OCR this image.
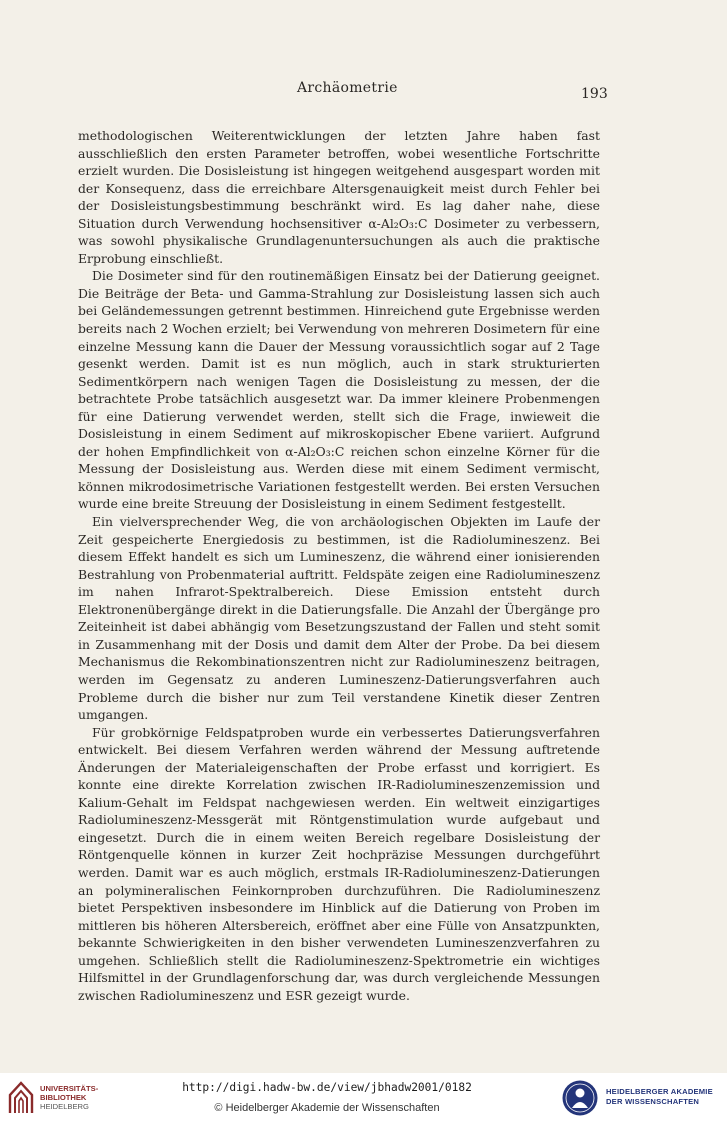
Archäometrie	193

methodologischen Weiterentwicklungen der letzten Jahre haben fast ausschließlich den ersten Parameter betroffen, wobei wesentliche Fortschritte erzielt wurden. Die Dosisleistung ist hingegen weitgehend ausgespart worden mit der Konsequenz, dass die erreichbare Altersgenauigkeit meist durch Fehler bei der Dosisleistungsbestimmung beschränkt wird. Es lag daher nahe, diese Situation durch Verwendung hochsensitiver α-Al₂O₃:C Dosimeter zu verbessern, was sowohl physikalische Grundlagenuntersuchungen als auch die praktische Erprobung einschließt.

Die Dosimeter sind für den routinemäßigen Einsatz bei der Datierung geeignet. Die Beiträge der Beta- und Gamma-Strahlung zur Dosisleistung lassen sich auch bei Geländemessungen getrennt bestimmen. Hinreichend gute Ergebnisse werden bereits nach 2 Wochen erzielt; bei Verwendung von mehreren Dosimetern für eine einzelne Messung kann die Dauer der Messung voraussichtlich sogar auf 2 Tage gesenkt werden. Damit ist es nun möglich, auch in stark strukturierten Sedimentkörpern nach wenigen Tagen die Dosisleistung zu messen, der die betrachtete Probe tatsächlich ausgesetzt war. Da immer kleinere Probenmengen für eine Datierung verwendet werden, stellt sich die Frage, inwieweit die Dosisleistung in einem Sediment auf mikroskopischer Ebene variiert. Aufgrund der hohen Empfindlichkeit von α-Al₂O₃:C reichen schon einzelne Körner für die Messung der Dosisleistung aus. Werden diese mit einem Sediment vermischt, können mikrodosimetrische Variationen festgestellt werden. Bei ersten Versuchen wurde eine breite Streuung der Dosisleistung in einem Sediment festgestellt.

Ein vielversprechender Weg, die von archäologischen Objekten im Laufe der Zeit gespeicherte Energiedosis zu bestimmen, ist die Radiolumineszenz. Bei diesem Effekt handelt es sich um Lumineszenz, die während einer ionisierenden Bestrahlung von Probenmaterial auftritt. Feldspäte zeigen eine Radiolumineszenz im nahen Infrarot-Spektralbereich. Diese Emission entsteht durch Elektronenübergänge direkt in die Datierungsfalle. Die Anzahl der Übergänge pro Zeiteinheit ist dabei abhängig vom Besetzungszustand der Fallen und steht somit in Zusammenhang mit der Dosis und damit dem Alter der Probe. Da bei diesem Mechanismus die Rekombinationszentren nicht zur Radiolumineszenz beitragen, werden im Gegensatz zu anderen Lumineszenz-Datierungsverfahren auch Probleme durch die bisher nur zum Teil verstandene Kinetik dieser Zentren umgangen.

Für grobkörnige Feldspatproben wurde ein verbessertes Datierungsverfahren entwickelt. Bei diesem Verfahren werden während der Messung auftretende Änderungen der Materialeigenschaften der Probe erfasst und korrigiert. Es konnte eine direkte Korrelation zwischen IR-Radiolumineszenzemission und Kalium-Gehalt im Feldspat nachgewiesen werden. Ein weltweit einzigartiges Radiolumineszenz-Messgerät mit Röntgenstimulation wurde aufgebaut und eingesetzt. Durch die in einem weiten Bereich regelbare Dosisleistung der Röntgenquelle können in kurzer Zeit hochpräzise Messungen durchgeführt werden. Damit war es auch möglich, erstmals IR-Radiolumineszenz-Datierungen an polymineralischen Feinkornproben durchzuführen. Die Radiolumineszenz bietet Perspektiven insbesondere im Hinblick auf die Datierung von Proben im mittleren bis höheren Altersbereich, eröffnet aber eine Fülle von Ansatzpunkten, bekannte Schwierigkeiten in den bisher verwendeten Lumineszenzverfahren zu umgehen. Schließlich stellt die Radiolumineszenz-Spektrometrie ein wichtiges Hilfsmittel in der Grundlagenforschung dar, was durch vergleichende Messungen zwischen Radiolumineszenz und ESR gezeigt wurde.

UNIVERSITÄTS-
BIBLIOTHEK
HEIDELBERG
http://digi.hadw-bw.de/view/jbhadw2001/0182
© Heidelberger Akademie der Wissenschaften
HEIDELBERGER AKADEMIE
DER WISSENSCHAFTEN
